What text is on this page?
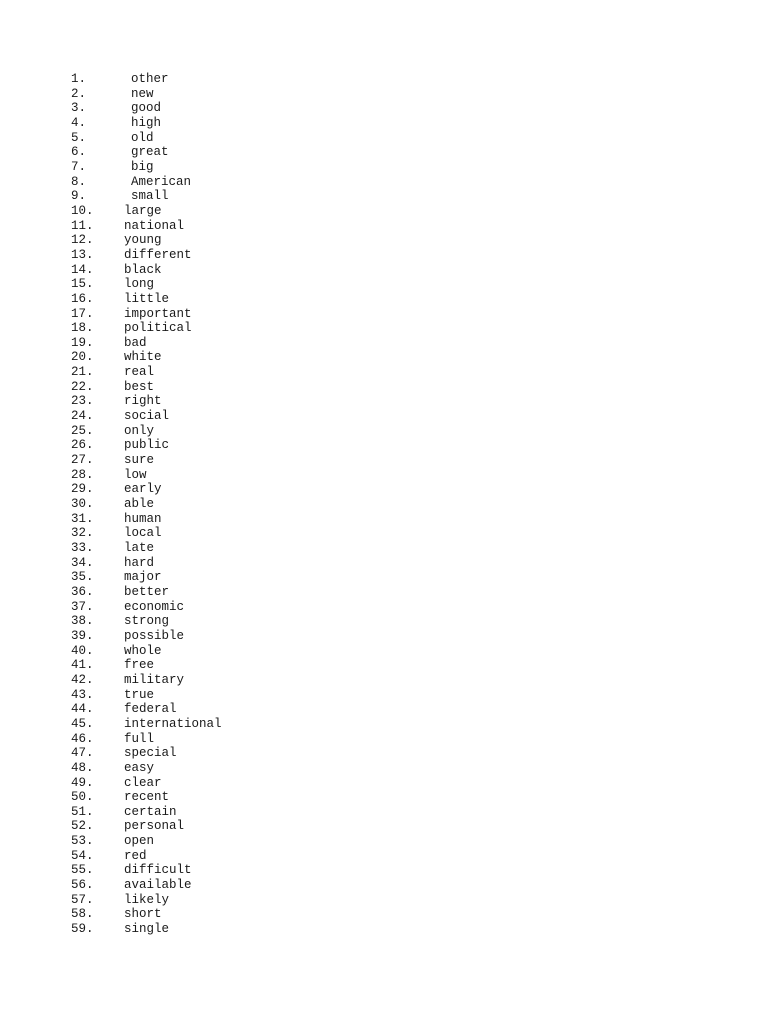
1.	other
2.	new
3.	good
4.	high
5.	old
6.	great
7.	big
8.	American
9.	small
10. large
11. national
12. young
13. different
14. black
15. long
16. little
17. important
18. political
19. bad
20. white
21. real
22. best
23. right
24. social
25. only
26. public
27. sure
28. low
29. early
30. able
31. human
32. local
33. late
34. hard
35. major
36. better
37. economic
38. strong
39. possible
40. whole
41. free
42. military
43. true
44. federal
45. international
46. full
47. special
48. easy
49. clear
50. recent
51. certain
52. personal
53. open
54. red
55. difficult
56. available
57. likely
58. short
59. single
